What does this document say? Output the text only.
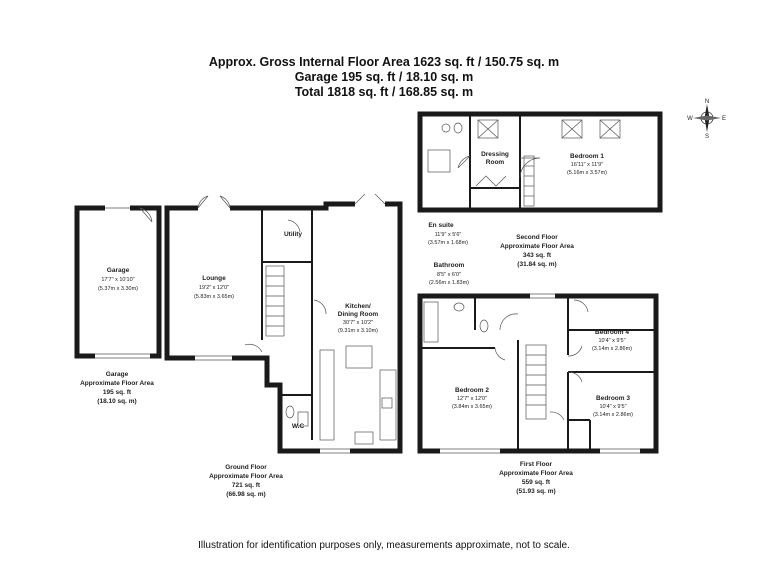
Approx. Gross Internal Floor Area 1623 sq. ft / 150.75 sq. m
Garage 195 sq. ft / 18.10 sq. m
Total 1818 sq. ft / 168.85 sq. m
N
S
E
W
Garage
17'7" x 10'10"
(5.37m x 3.30m)
Lounge
19'2" x 12'0"
(5.83m x 3.65m)
Utility
Kitchen/
Dining Room
30'7" x 10'2"
(9.31m x 3.10m)
W.C
Dressing
Room
Bedroom 1
16'11" x 11'9"
(5.16m x 3.57m)
En suite
11'9" x 5'6"
(3.57m x 1.68m)
Bathroom
8'5" x 6'0"
(2.56m x 1.83m)
Bedroom 2
12'7" x 12'0"
(3.84m x 3.65m)
Bedroom 4
10'4" x 9'5"
(3.14m x 2.86m)
Bedroom 3
10'4" x 9'5"
(3.14m x 2.86m)
Garage
Approximate Floor Area
195 sq. ft
(18.10 sq. m)
Ground Floor
Approximate Floor Area
721 sq. ft
(66.98 sq. m)
First Floor
Approximate Floor Area
559 sq. ft
(51.93 sq. m)
Second Floor
Approximate Floor Area
343 sq. ft
(31.84 sq. m)
Illustration for identification purposes only, measurements approximate, not to scale.
